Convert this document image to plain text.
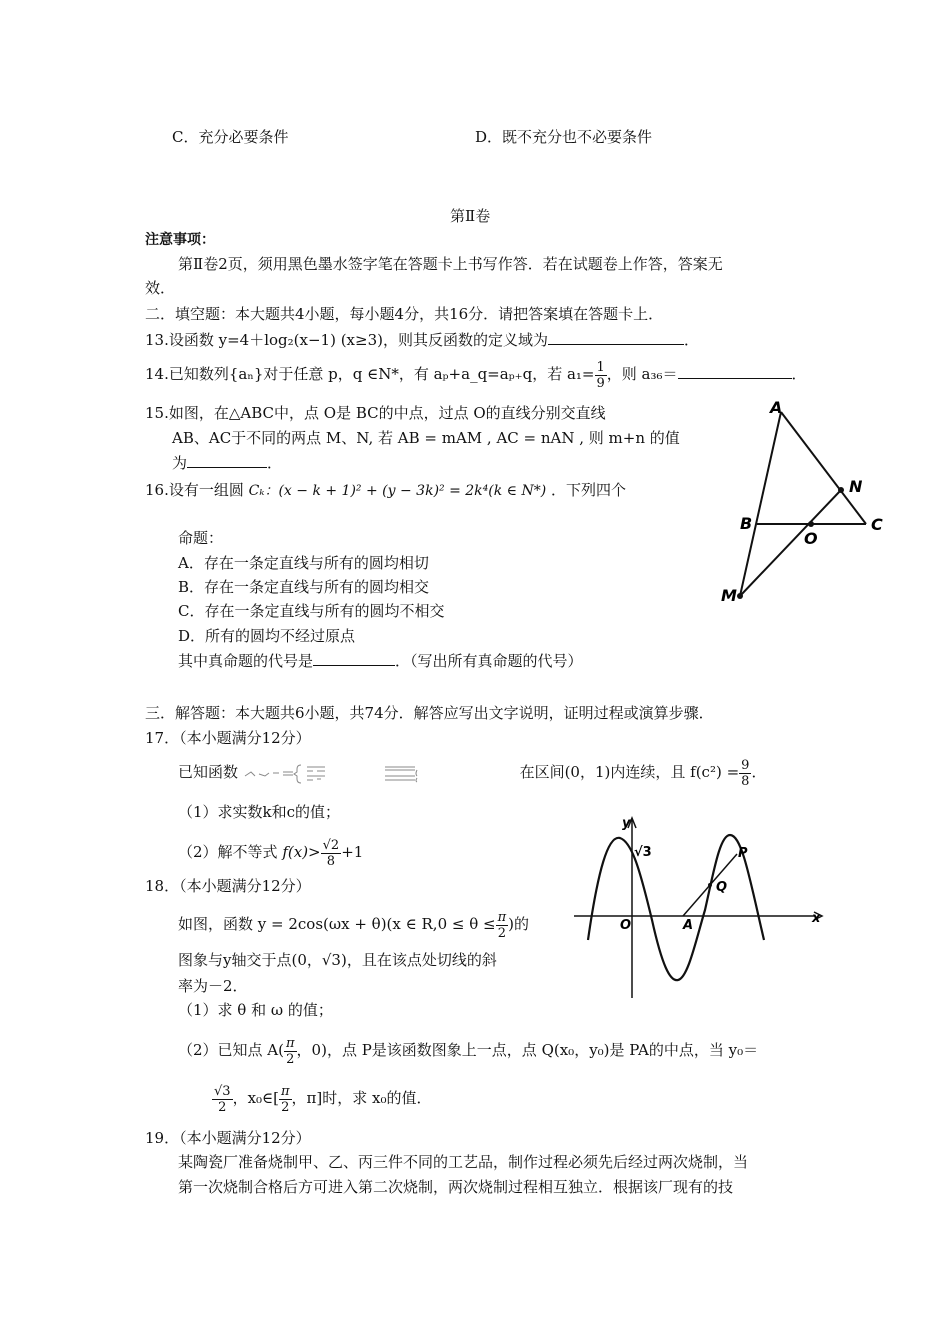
C．充分必要条件	D．既不充分也不必要条件
第Ⅱ卷
注意事项：
第Ⅱ卷2页，须用黑色墨水签字笔在答题卡上书写作答．若在试题卷上作答，答案无
效．
二．填空题：本大题共4小题，每小题4分，共16分．请把答案填在答题卡上．
13.设函数 y=4＋log₂(x−1) (x≥3)，则其反函数的定义域为	．
14.已知数列{aₙ}对于任意 p，q ∈N*，有 aₚ+a_q=aₚ₊q，若 $a_1= \frac{1}{9}$ ，则 a₃₆＝	．
15.如图，在△ABC中，点 O是 BC的中点，过点 O的直线分别交直线
AB、AC于不同的两点 M、N, 若 AB = mAM , AC = nAN , 则 m+n 的值
为	．
16.设有一组圆 Cₖ：(x − k + 1)² + (y − 3k)² = 2k⁴(k ∈ N*) ．下列四个
命题：
A．存在一条定直线与所有的圆均相切
B．存在一条定直线与所有的圆均相交
C．存在一条定直线与所有的圆均不相交
D．所有的圆均不经过原点
其中真命题的代号是	．（写出所有真命题的代号）
A
N
B	C
O
M
三．解答题：本大题共6小题，共74分．解答应写出文字说明，证明过程或演算步骤．
17．（本小题满分12分）
已知函数	在区间(0，1)内连续，且 $f(c^2) = \frac{9}{8}$ ．
（1）求实数k和c的值；
（2）解不等式 $f(x)> \frac{√2}{8} +1$
18．（本小题满分12分）
如图，函数 y = 2cos(ωx + θ)(x ∈ $R,0 \le \theta \le \frac{\pi}{2}$ )的
图象与y轴交于点(0，√3)，且在该点处切线的斜
率为－2．
（1）求 θ 和 ω 的值；
（2）已知点 $A( \frac{\pi}{2}$ ，0)，点 P是该函数图象上一点，点 Q(x₀，y₀)是 PA的中点，当 y₀＝
$\frac{√3}{2}$ ，x₀∈[ $\frac{\pi}{2}$ ，π]时，求 x₀的值．
y
x
O	A
P
Q
√3
19．（本小题满分12分）
某陶瓷厂准备烧制甲、乙、丙三件不同的工艺品，制作过程必须先后经过两次烧制，当
第一次烧制合格后方可进入第二次烧制，两次烧制过程相互独立．根据该厂现有的技
